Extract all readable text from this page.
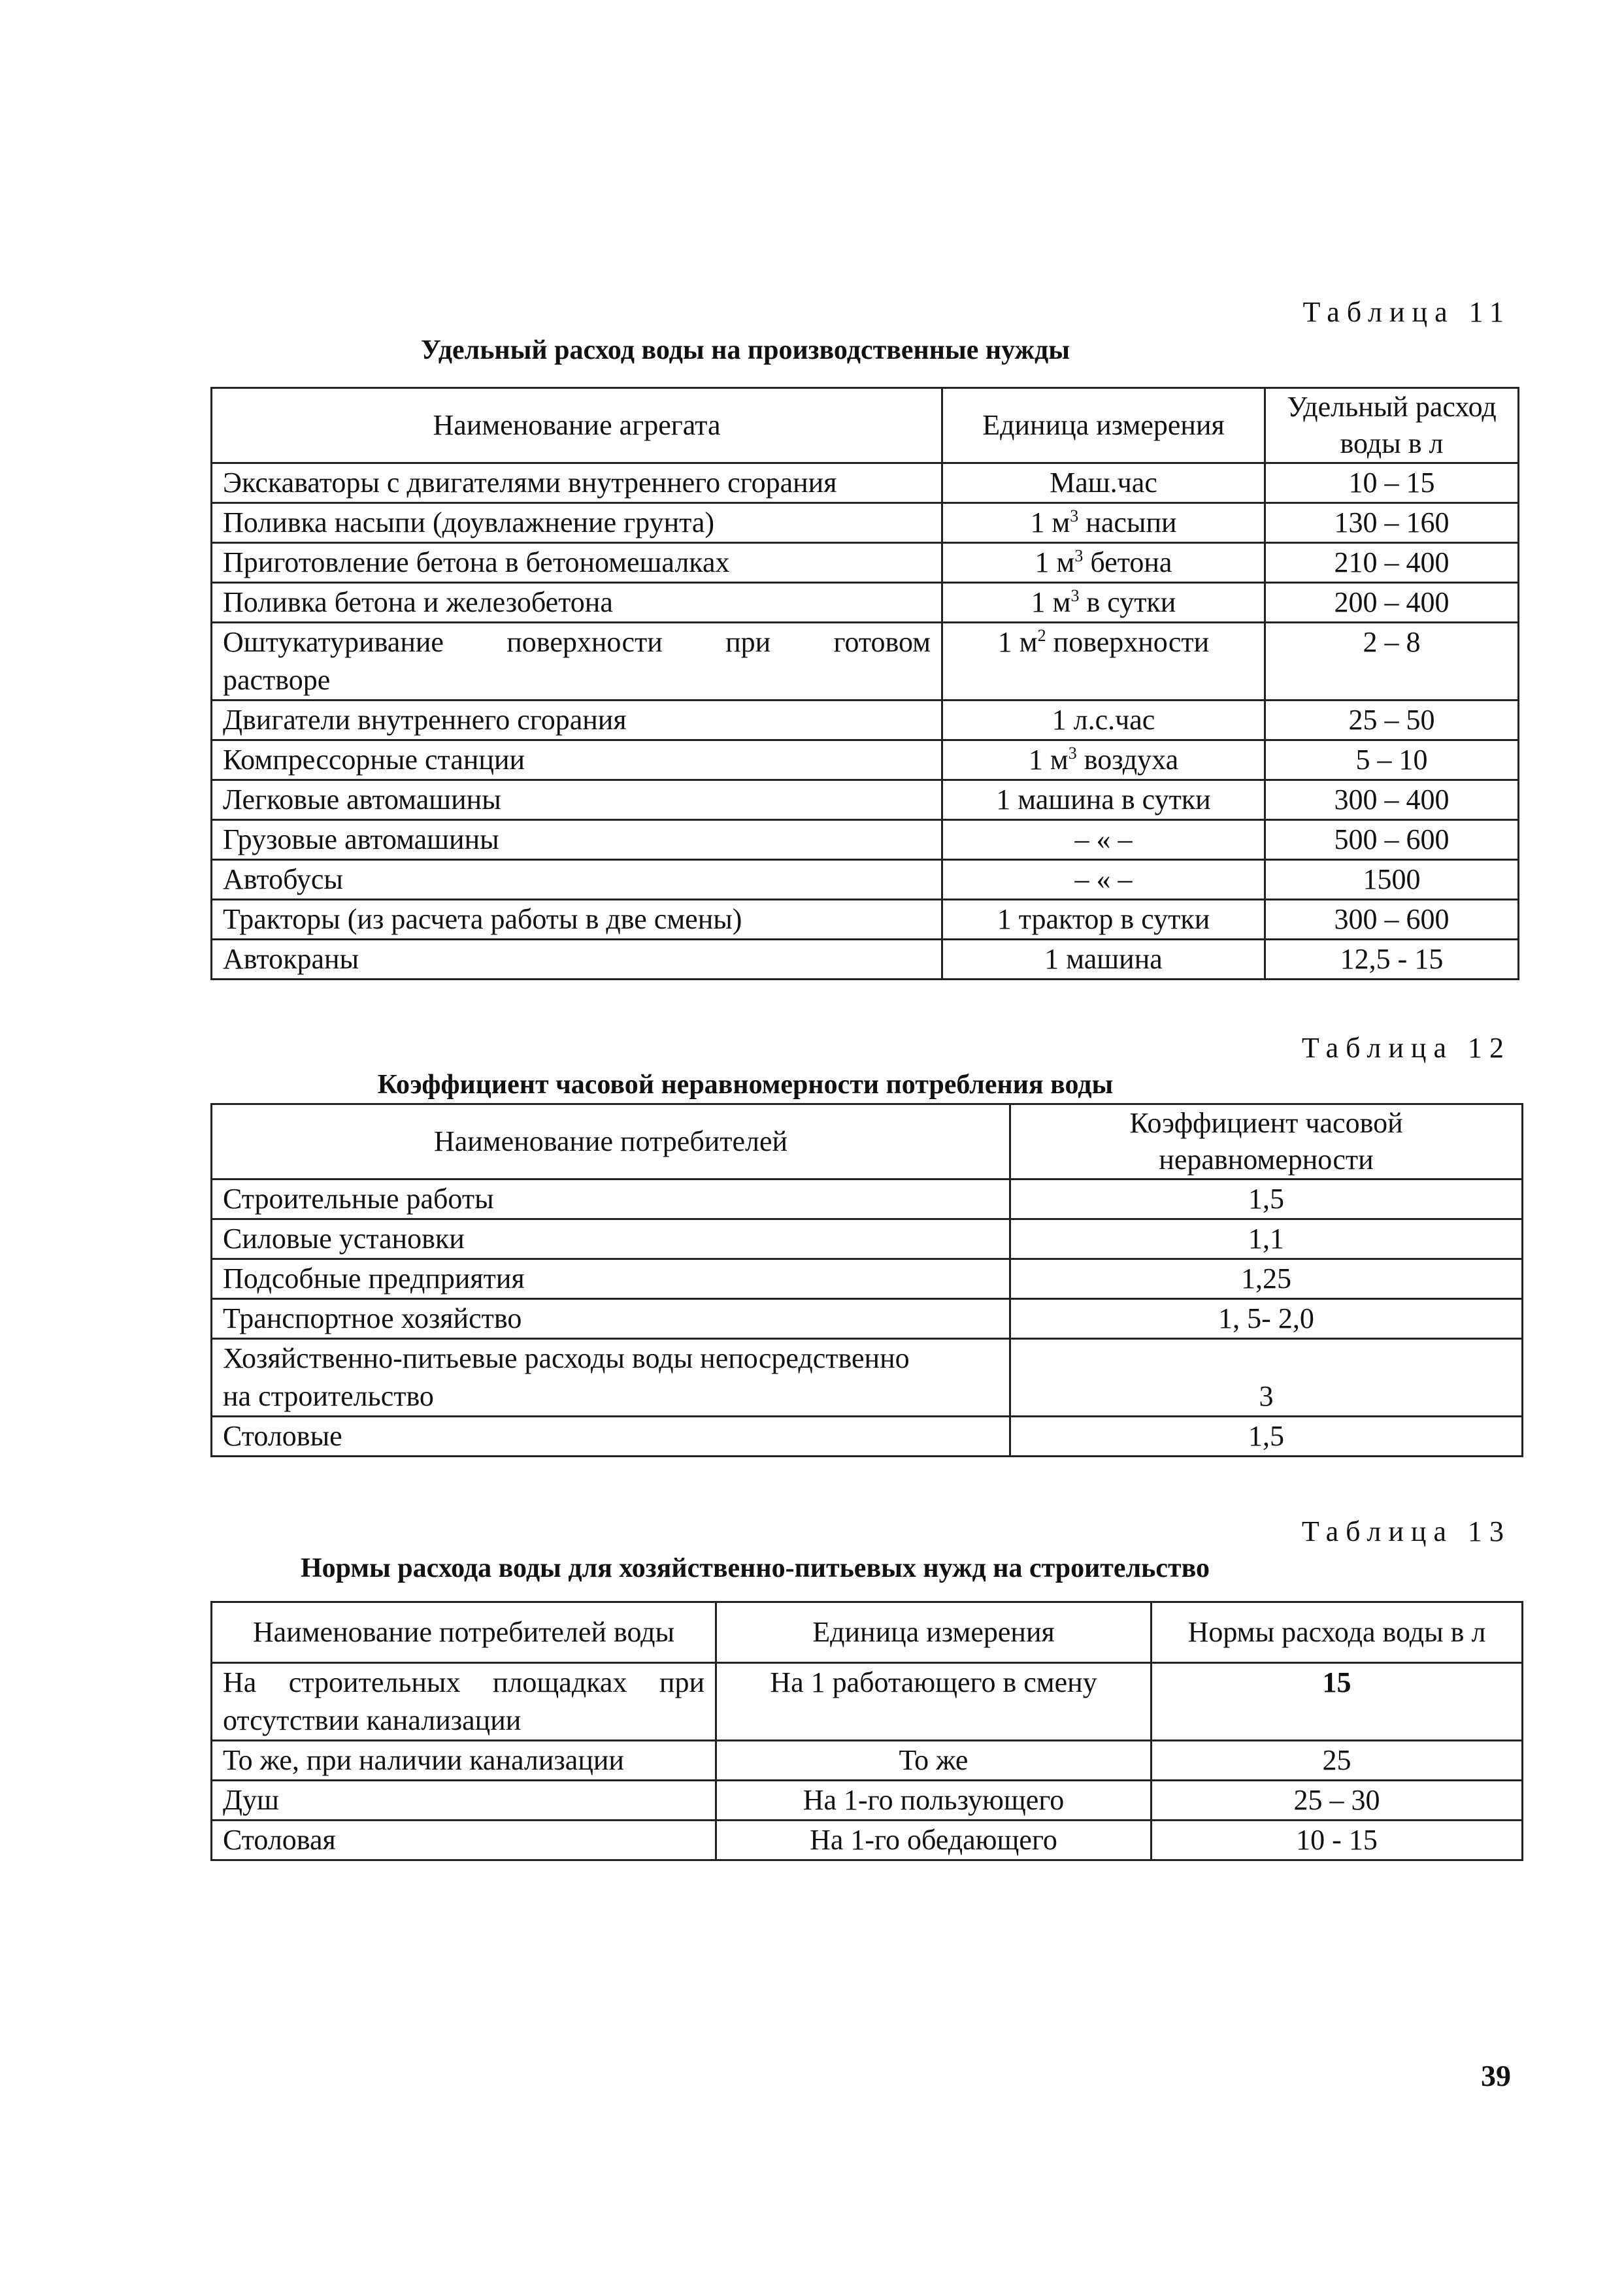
Таблица 11
Удельный расход воды на производственные нужды
Наименование агрегата	Единица измерения	Удельный расход воды в л
Экскаваторы с двигателями внутреннего сгорания	Маш.час	10 – 15
Поливка насыпи (доувлажнение грунта)	1 $м^3$ насыпи	130 – 160
Приготовление бетона в бетономешалках	1 $м^3$ бетона	210 – 400
Поливка бетона и железобетона	1 $м^3$ в сутки	200 – 400

Оштукатуривание поверхности при готовом
растворе	1 $м^2$ поверхности	2 – 8
Двигатели внутреннего сгорания	1 л.с.час	25 – 50
Компрессорные станции	1 $м^3$ воздуха	5 – 10
Легковые автомашины	1 машина в сутки	300 – 400
Грузовые автомашины	– « –	500 – 600
Автобусы	– « –	1500
Тракторы (из расчета работы в две смены)	1 трактор в сутки	300 – 600
Автокраны	1 машина	12,5 - 15
Таблица 12
Коэффициент часовой неравномерности потребления воды
Наименование потребителей	Коэффициент часовой неравномерности
Строительные работы	1,5
Силовые установки	1,1
Подсобные предприятия	1,25
Транспортное хозяйство	1, 5- 2,0

Хозяйственно-питьевые расходы воды непосредственно
на строительство	3
Столовые	1,5
Таблица 13
Нормы расхода воды для хозяйственно-питьевых нужд на строительство
Наименование потребителей воды	Единица измерения	Нормы расхода воды в л

На строительных площадках при
отсутствии канализации	На 1 работающего в смену	15
То же, при наличии канализации	То же	25
Душ	На 1-го пользующего	25 – 30
Столовая	На 1-го обедающего	10 - 15
39
